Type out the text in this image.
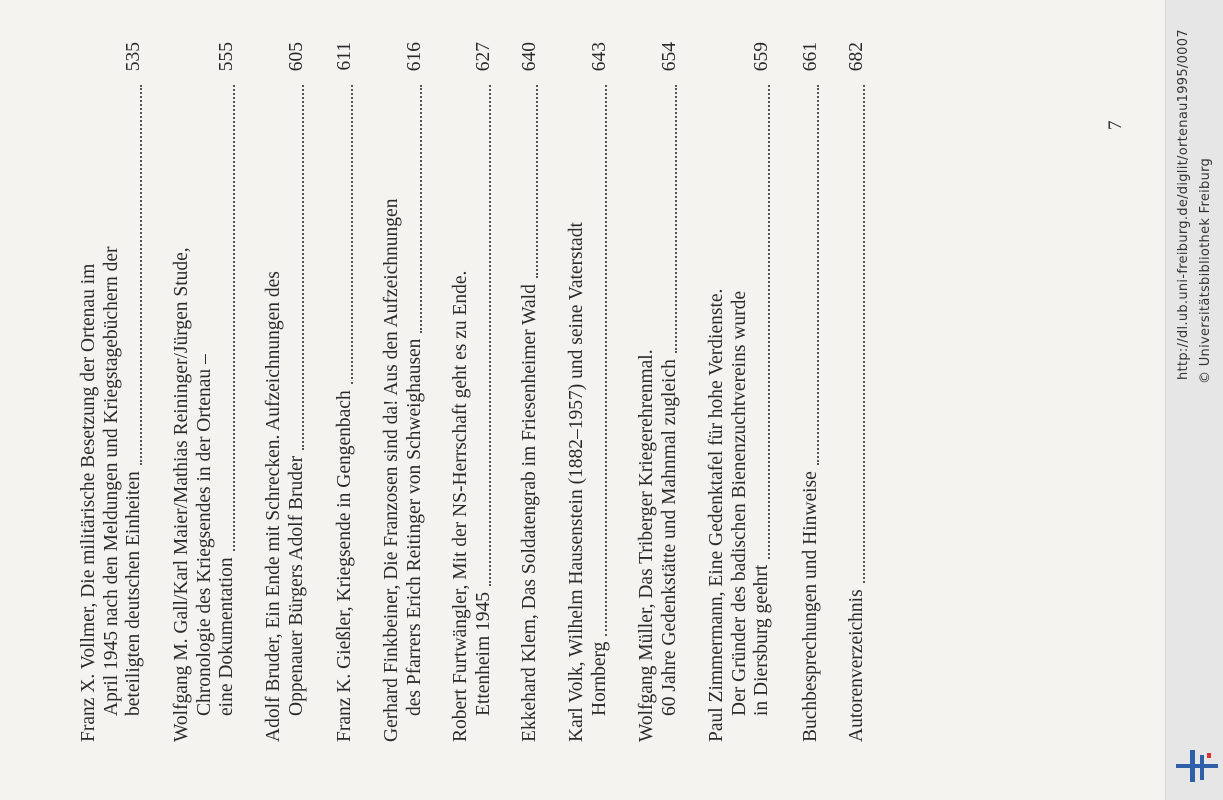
Franz X. Vollmer, Die militärische Besetzung der Ortenau im April 1945 nach den Meldungen und Kriegstagebüchern der beteiligten deutschen Einheiten
535
Wolfgang M. Gall/Karl Maier/Mathias Reininger/Jürgen Stude, Chronologie des Kriegsendes in der Ortenau – eine Dokumentation
555
Adolf Bruder, Ein Ende mit Schrecken. Aufzeichnungen des Oppenauer Bürgers Adolf Bruder
605
Franz K. Gießler, Kriegsende in Gengenbach
611
Gerhard Finkbeiner, Die Franzosen sind da! Aus den Aufzeichnungen des Pfarrers Erich Reitinger von Schweighausen
616
Robert Furtwängler, Mit der NS-Herrschaft geht es zu Ende. Ettenheim 1945
627
Ekkehard Klem, Das Soldatengrab im Friesenheimer Wald
640
Karl Volk, Wilhelm Hausenstein (1882–1957) und seine Vaterstadt Hornberg
643
Wolfgang Müller, Das Triberger Kriegerehrenmal. 60 Jahre Gedenkstätte und Mahnmal zugleich
654
Paul Zimmermann, Eine Gedenktafel für hohe Verdienste. Der Gründer des badischen Bienenzuchtvereins wurde in Diersburg geehrt
659
Buchbesprechungen und Hinweise
661
Autorenverzeichnis
682
7	http://dl.ub.uni-freiburg.de/diglit/ortenau1995/0007 © Universitätsbibliothek Freiburg
